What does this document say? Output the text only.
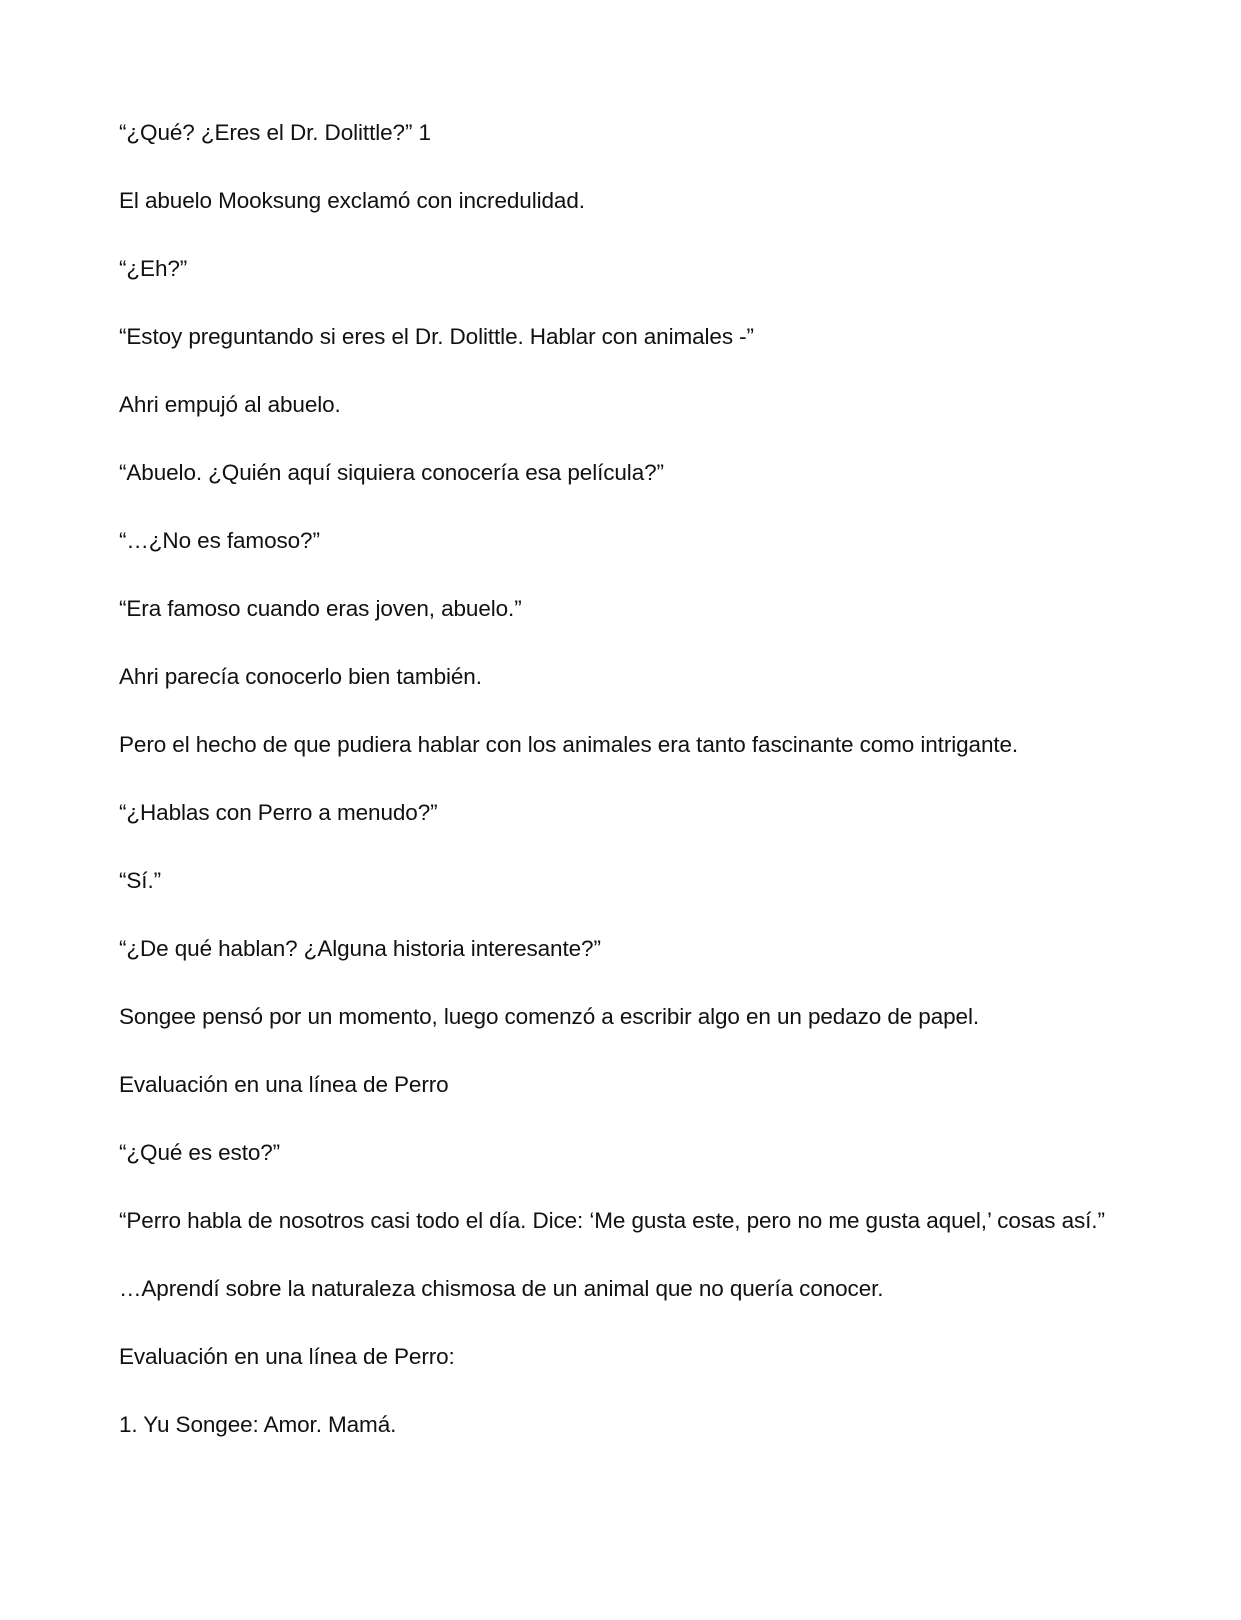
“¿Qué? ¿Eres el Dr. Dolittle?” 1

El abuelo Mooksung exclamó con incredulidad.

“¿Eh?”

“Estoy preguntando si eres el Dr. Dolittle. Hablar con animales -”

Ahri empujó al abuelo.

“Abuelo. ¿Quién aquí siquiera conocería esa película?”

“…¿No es famoso?”

“Era famoso cuando eras joven, abuelo.”

Ahri parecía conocerlo bien también.

Pero el hecho de que pudiera hablar con los animales era tanto fascinante como intrigante.

“¿Hablas con Perro a menudo?”

“Sí.”

“¿De qué hablan? ¿Alguna historia interesante?”

Songee pensó por un momento, luego comenzó a escribir algo en un pedazo de papel.

Evaluación en una línea de Perro

“¿Qué es esto?”

“Perro habla de nosotros casi todo el día. Dice: ‘Me gusta este, pero no me gusta aquel,’ cosas así.”

…Aprendí sobre la naturaleza chismosa de un animal que no quería conocer.

Evaluación en una línea de Perro:

1. Yu Songee: Amor. Mamá.
